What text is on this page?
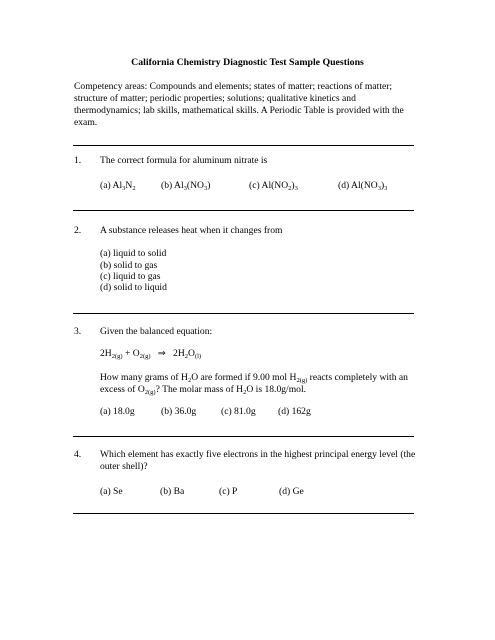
California Chemistry Diagnostic Test Sample Questions
Competency areas: Compounds and elements; states of matter; reactions of matter; structure of matter; periodic properties; solutions; qualitative kinetics and thermodynamics; lab skills, mathematical skills. A Periodic Table is provided with the exam.
1. The correct formula for aluminum nitrate is
(a) $Al_3N_2$	(b) $Al_3(NO_3)$	(c) $Al(NO_2)_3$	(d) $Al(NO_3)_3$
2. A substance releases heat when it changes from
(a) liquid to solid
(b) solid to gas
(c) liquid to gas
(d) solid to liquid
3. Given the balanced equation:
$2H_{2(g)} + O_{2(g)}$ ⇒ $2H_2O_{(l)}$
How many grams of $H_2O$ are formed if 9.00 mol $H_{2(g)}$ reacts completely with an excess of $O_{2(g)}$? The molar mass of $H_2O$ is 18.0g/mol.
(a) 18.0g	(b) 36.0g	(c) 81.0g (d) 162g
4. Which element has exactly five electrons in the highest principal energy level (the outer shell)?
(a) Se	(b) Ba	(c) P	(d) Ge
